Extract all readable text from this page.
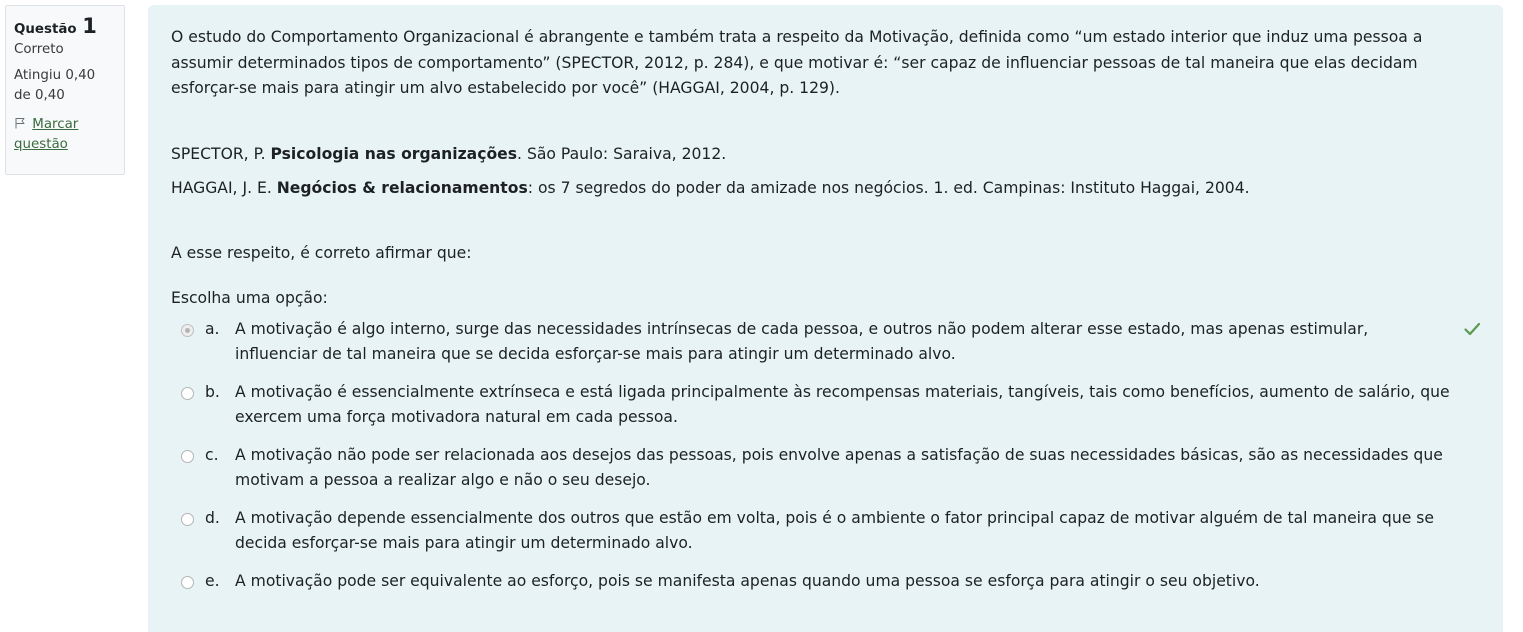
Questão 1
Correto
Atingiu 0,40
de 0,40
Marcar
questão

O estudo do Comportamento Organizacional é abrangente e também trata a respeito da Motivação, definida como “um estado interior que induz uma pessoa a assumir determinados tipos de comportamento” (SPECTOR, 2012, p. 284), e que motivar é: “ser capaz de influenciar pessoas de tal maneira que elas decidam esforçar-se mais para atingir um alvo estabelecido por você” (HAGGAI, 2004, p. 129).

SPECTOR, P. Psicologia nas organizações. São Paulo: Saraiva, 2012.

HAGGAI, J. E. Negócios & relacionamentos: os 7 segredos do poder da amizade nos negócios. 1. ed. Campinas: Instituto Haggai, 2004.

A esse respeito, é correto afirmar que:

Escolha uma opção:

a. A motivação é algo interno, surge das necessidades intrínsecas de cada pessoa, e outros não podem alterar esse estado, mas apenas estimular, influenciar de tal maneira que se decida esforçar-se mais para atingir um determinado alvo.
b. A motivação é essencialmente extrínseca e está ligada principalmente às recompensas materiais, tangíveis, tais como benefícios, aumento de salário, que exercem uma força motivadora natural em cada pessoa.
c.	A motivação não pode ser relacionada aos desejos das pessoas, pois envolve apenas a satisfação de suas necessidades básicas, são as necessidades que motivam a pessoa a realizar algo e não o seu desejo.
d. A motivação depende essencialmente dos outros que estão em volta, pois é o ambiente o fator principal capaz de motivar alguém de tal maneira que se decida esforçar-se mais para atingir um determinado alvo.
e. A motivação pode ser equivalente ao esforço, pois se manifesta apenas quando uma pessoa se esforça para atingir o seu objetivo.
